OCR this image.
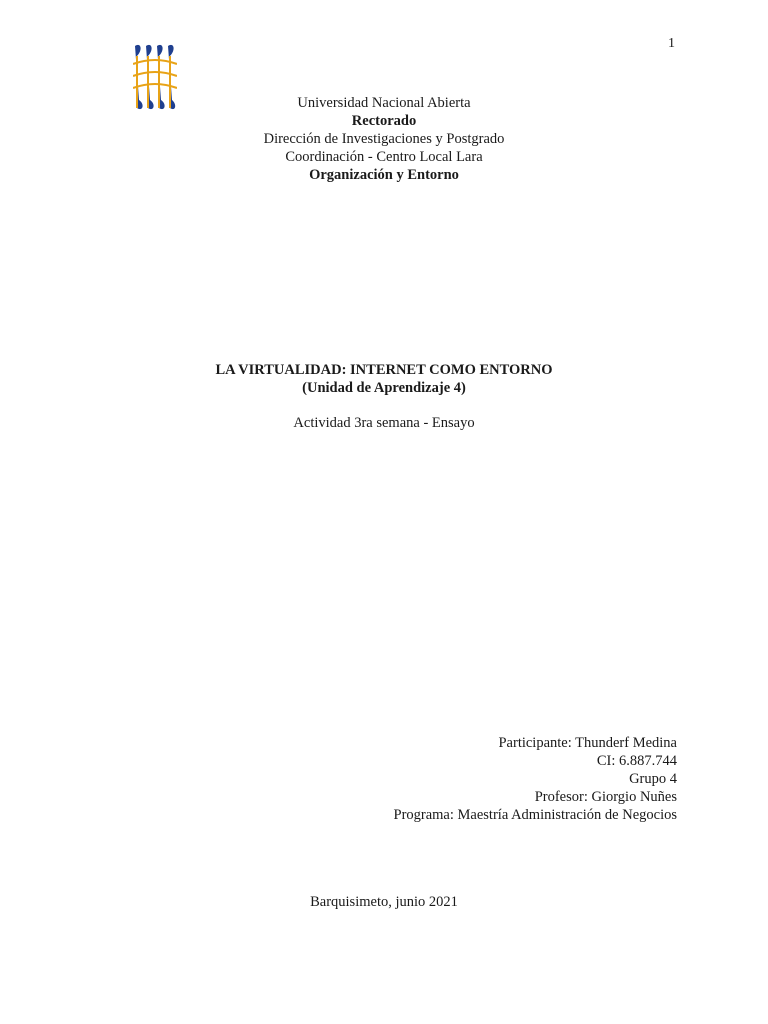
1
Universidad Nacional Abierta
Rectorado
Dirección de Investigaciones y Postgrado
Coordinación - Centro Local Lara
Organización y Entorno
LA VIRTUALIDAD: INTERNET COMO ENTORNO
(Unidad de Aprendizaje 4)
Actividad 3ra semana - Ensayo
Participante: Thunderf Medina
CI: 6.887.744
Grupo 4
Profesor: Giorgio Nuñes
Programa: Maestría Administración de Negocios
Barquisimeto, junio 2021
